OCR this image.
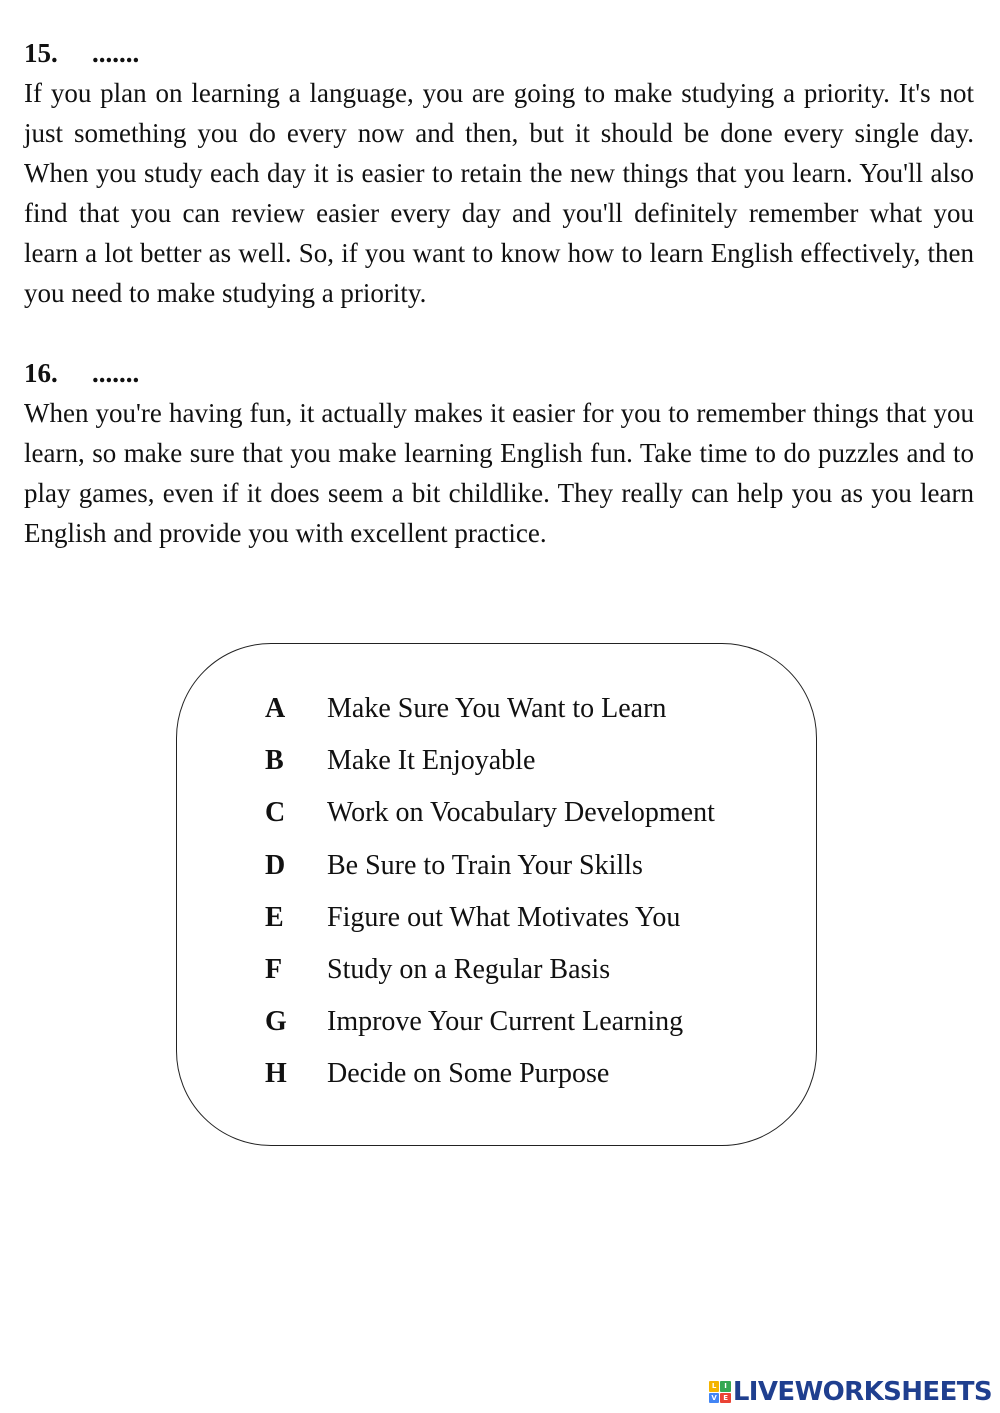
15. .......

If you plan on learning a language, you are going to make studying a priority. It's not just something you do every now and then, but it should be done every single day. When you study each day it is easier to retain the new things that you learn. You'll also find that you can review easier every day and you'll definitely remember what you learn a lot better as well. So, if you want to know how to learn English effectively, then you need to make studying a priority.

16. .......

When you're having fun, it actually makes it easier for you to remember things that you learn, so make sure that you make learning English fun. Take time to do puzzles and to play games, even if it does seem a bit childlike. They really can help you as you learn English and provide you with excellent practice.

A Make Sure You Want to Learn
B Make It Enjoyable
C Work on Vocabulary Development
D Be Sure to Train Your Skills
E Figure out What Motivates You
F Study on a Regular Basis
G Improve Your Current Learning
H Decide on Some Purpose
L	I
V E LIVEWORKSHEETS
